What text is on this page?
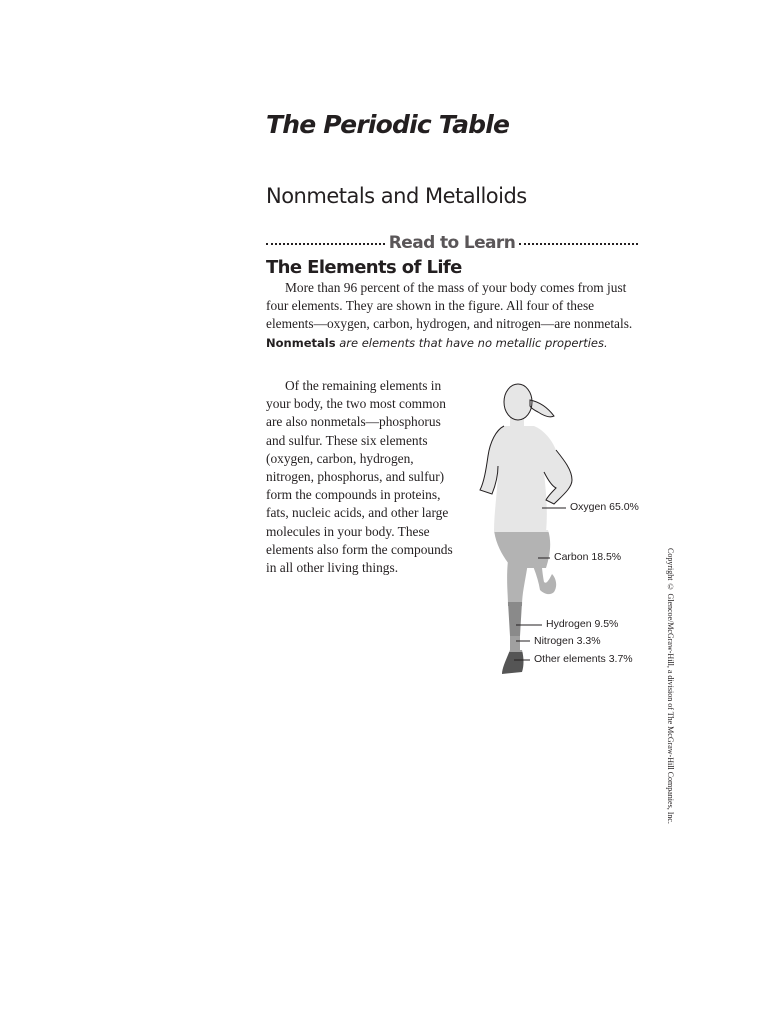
The Periodic Table
Nonmetals and Metalloids
Read to Learn
The Elements of Life

More than 96 percent of the mass of your body comes from just four elements. They are shown in the figure. All four of these elements—oxygen, carbon, hydrogen, and nitrogen—are nonmetals. Nonmetals are elements that have no metallic properties.

Of the remaining elements in your body, the two most common are also nonmetals—phosphorus and sulfur. These six elements (oxygen, carbon, hydrogen, nitrogen, phosphorus, and sulfur) form the compounds in proteins, fats, nucleic acids, and other large molecules in your body. These elements also form the compounds in all other living things.

Oxygen 65.0%
Carbon 18.5%
Hydrogen 9.5%
Nitrogen 3.3%
Other elements 3.7%	Copyright © Glencoe/McGraw-Hill, a division of The McGraw-Hill Companies, Inc.
